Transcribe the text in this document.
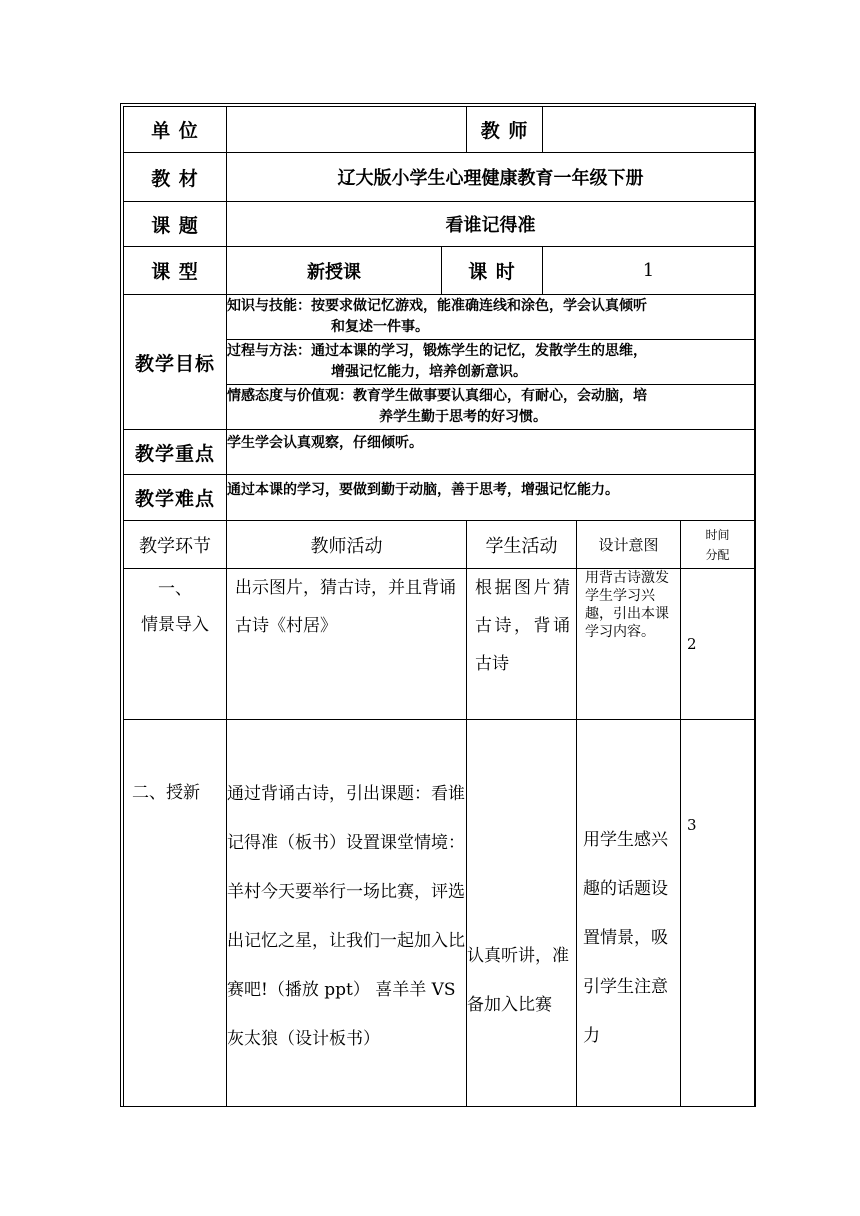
单 位			教 师			
教 材	辽大版小学生心理健康教育一年级下册					
课 题	看谁记得准					
课 型	新授课	课 时		1		
教学目标	知识与技能：按要求做记忆游戏，能准确连线和涂色，学会认真倾听
和复述一件事。					

	过程与方法：通过本课的学习，锻炼学生的记忆，发散学生的思维，
增强记忆能力，培养创新意识。					

	情感态度与价值观：教育学生做事要认真细心，有耐心，会动脑，培
养学生勤于思考的好习惯。					

教学重点	学生学会认真观察，仔细倾听。					
教学难点	通过本课的学习，要做到勤于动脑，善于思考，增强记忆能力。					
教学环节	教师活动		学生活动		设计意图	时间
分配

一、
情景导入	出示图片，猜古诗，并且背诵古诗《村居》		根据图片猜古诗，背诵古诗		用背古诗激发学生学习兴趣，引出本课学习内容。	2
二、授新	通过背诵古诗，引出课题：看谁记得准（板书）设置课堂情境：羊村今天要举行一场比赛，评选出记忆之星，让我们一起加入比赛吧!（播放 ppt） 喜羊羊 VS 灰太狼（设计板书）		认真听讲，准备加入比赛		用学生感兴趣的话题设置情景，吸引学生注意力	3
